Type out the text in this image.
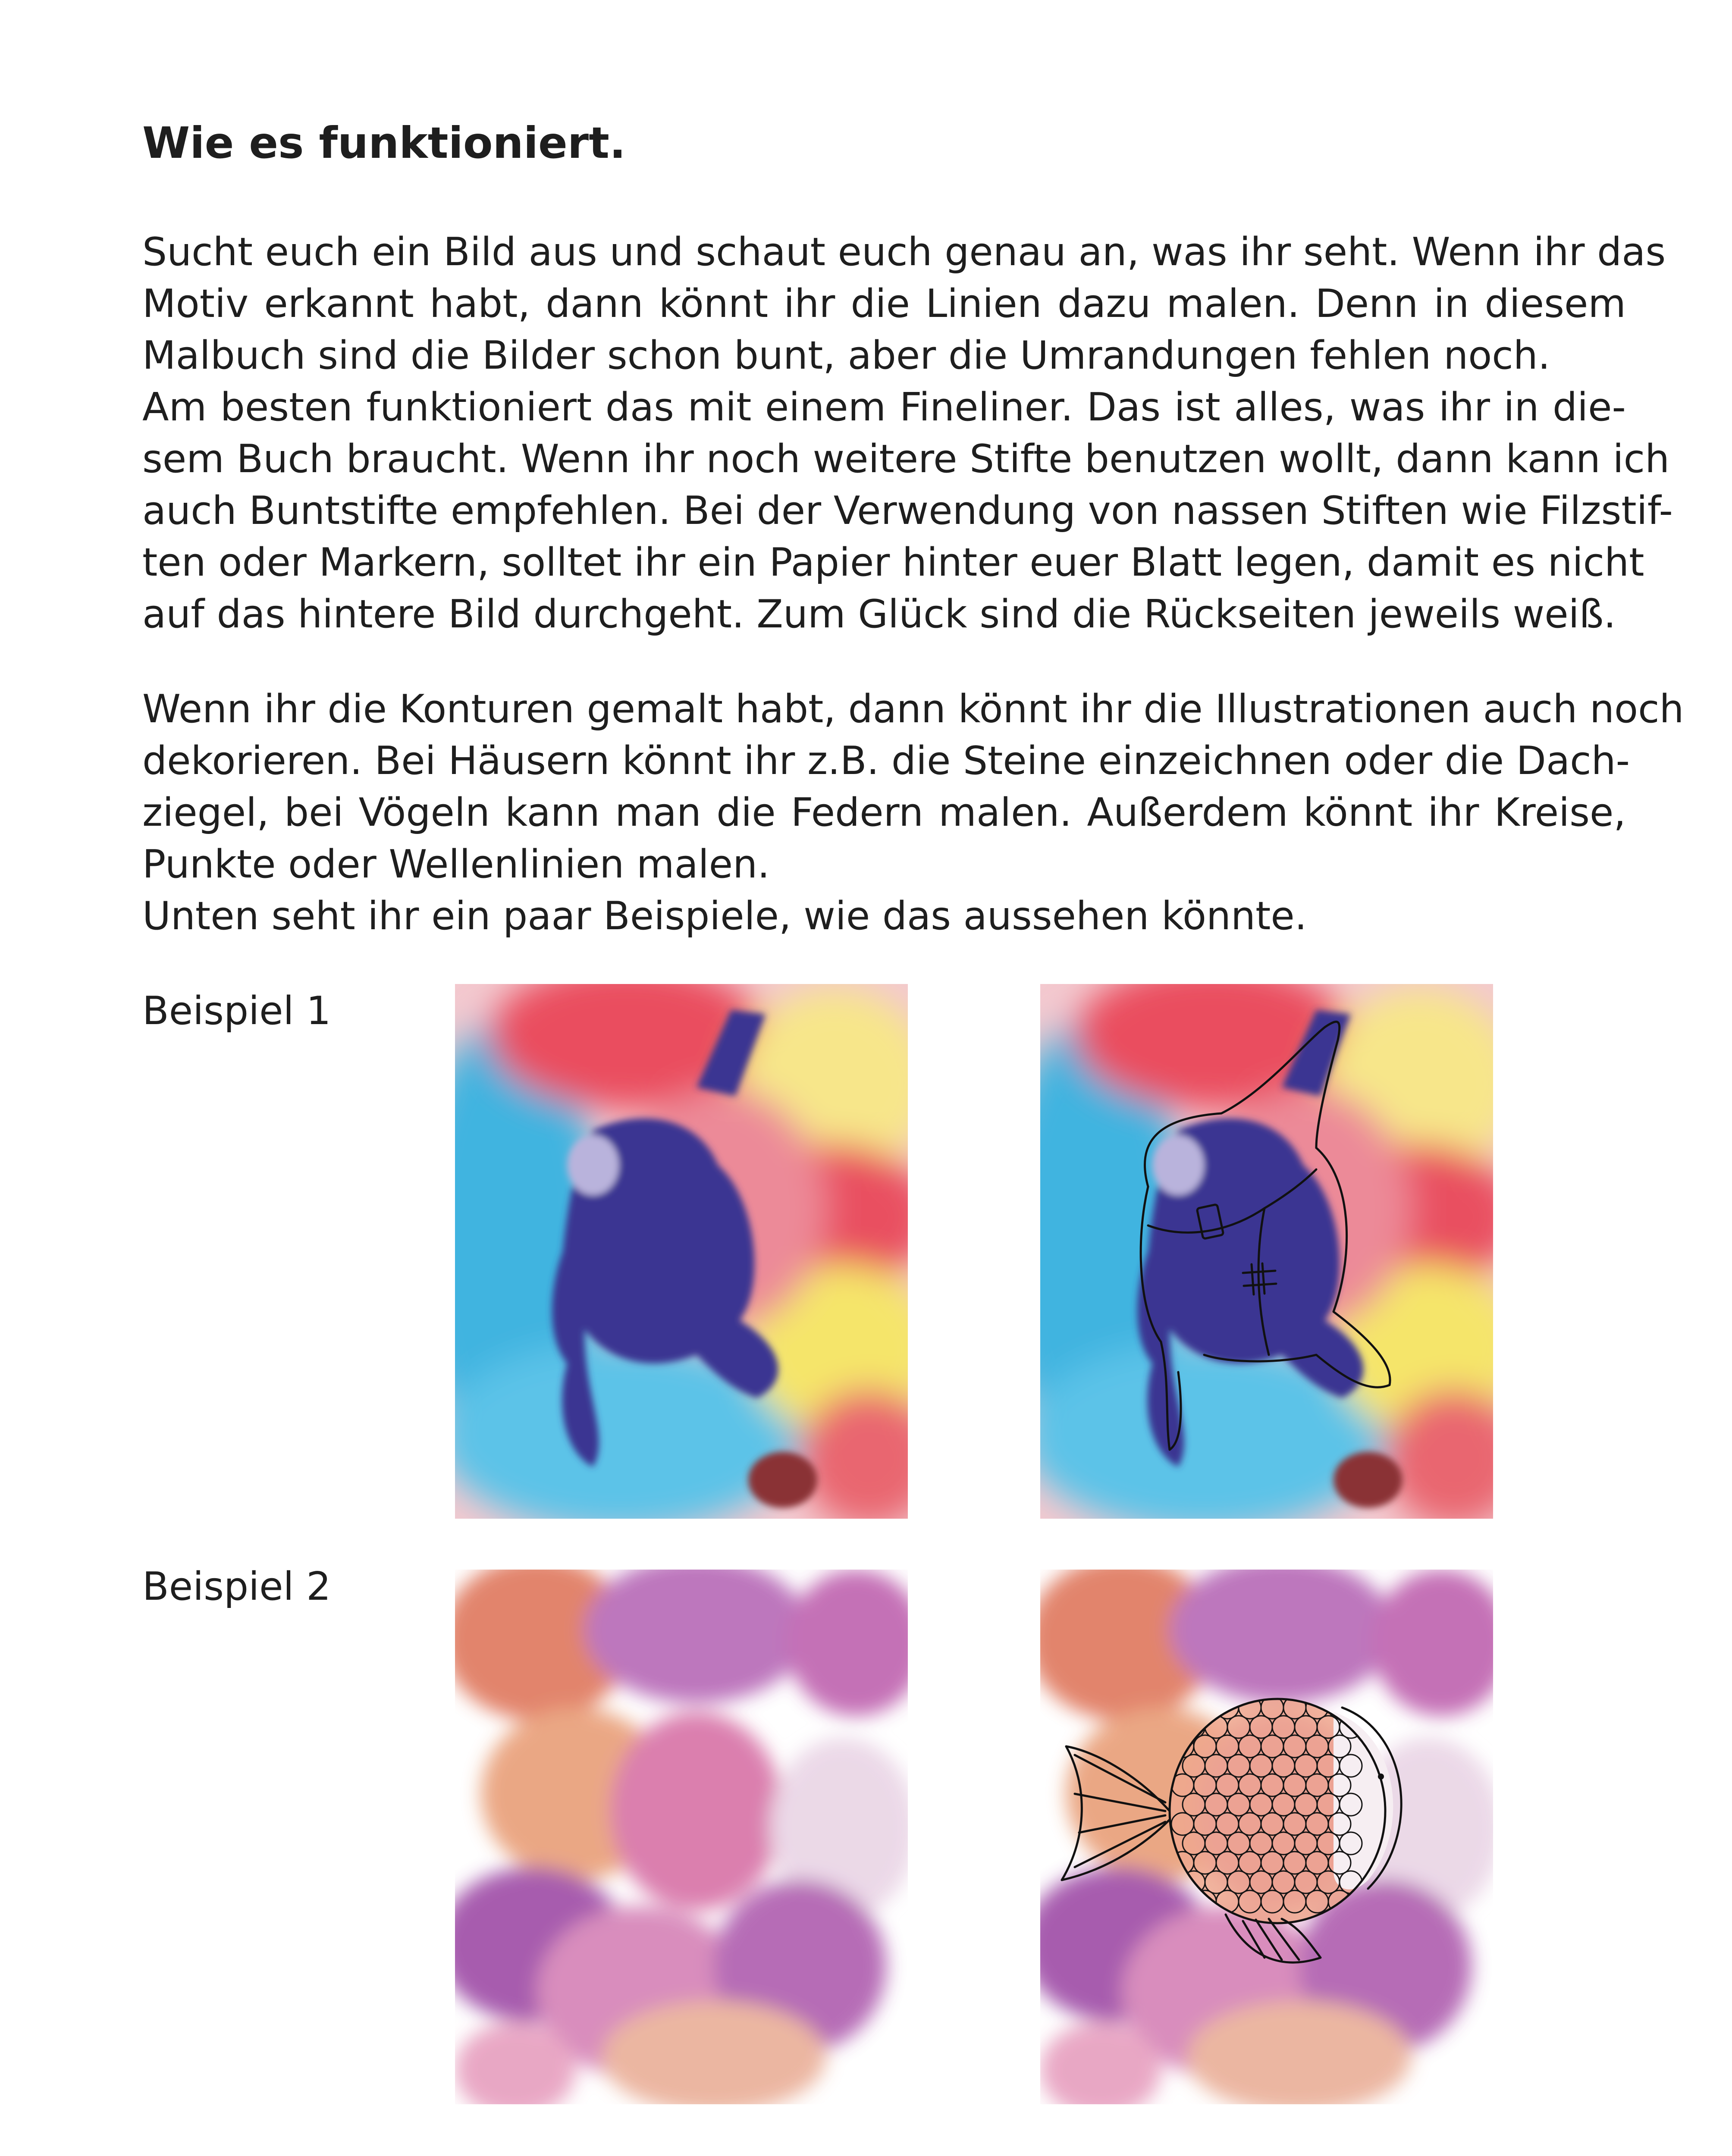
Wie es funktioniert.
Sucht euch ein Bild aus und schaut euch genau an, was ihr seht. Wenn ihr das
Motiv erkannt habt, dann könnt ihr die Linien dazu malen. Denn in diesem
Malbuch sind die Bilder schon bunt, aber die Umrandungen fehlen noch.
Am besten funktioniert das mit einem Fineliner. Das ist alles, was ihr in die-
sem Buch braucht. Wenn ihr noch weitere Stifte benutzen wollt, dann kann ich
auch Buntstifte empfehlen. Bei der Verwendung von nassen Stiften wie Filzstif-
ten oder Markern, solltet ihr ein Papier hinter euer Blatt legen, damit es nicht
auf das hintere Bild durchgeht. Zum Glück sind die Rückseiten jeweils weiß.
Wenn ihr die Konturen gemalt habt, dann könnt ihr die Illustrationen auch noch
dekorieren. Bei Häusern könnt ihr z.B. die Steine einzeichnen oder die Dach-
ziegel, bei Vögeln kann man die Federn malen. Außerdem könnt ihr Kreise,
Punkte oder Wellenlinien malen.
Unten seht ihr ein paar Beispiele, wie das aussehen könnte.
Beispiel 1
Beispiel 2
